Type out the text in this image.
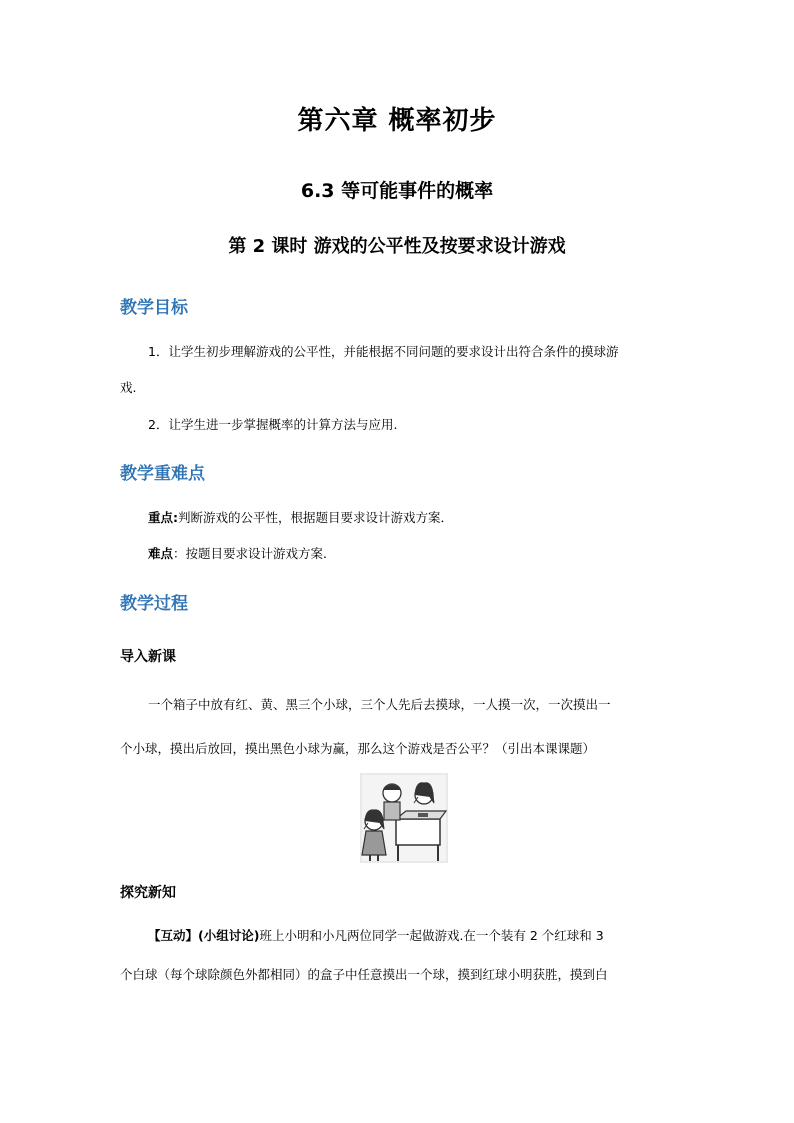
第六章 概率初步
6.3 等可能事件的概率
第 2 课时 游戏的公平性及按要求设计游戏
教学目标
1．让学生初步理解游戏的公平性，并能根据不同问题的要求设计出符合条件的摸球游
戏.
2．让学生进一步掌握概率的计算方法与应用.
教学重难点
重点:判断游戏的公平性，根据题目要求设计游戏方案．
难点：按题目要求设计游戏方案.
教学过程
导入新课
一个箱子中放有红、黄、黑三个小球，三个人先后去摸球，一人摸一次，一次摸出一
个小球，摸出后放回，摸出黑色小球为赢，那么这个游戏是否公平？（引出本课课题）
探究新知
【互动】(小组讨论)班上小明和小凡两位同学一起做游戏.在一个装有 2 个红球和 3
个白球（每个球除颜色外都相同）的盒子中任意摸出一个球，摸到红球小明获胜，摸到白
